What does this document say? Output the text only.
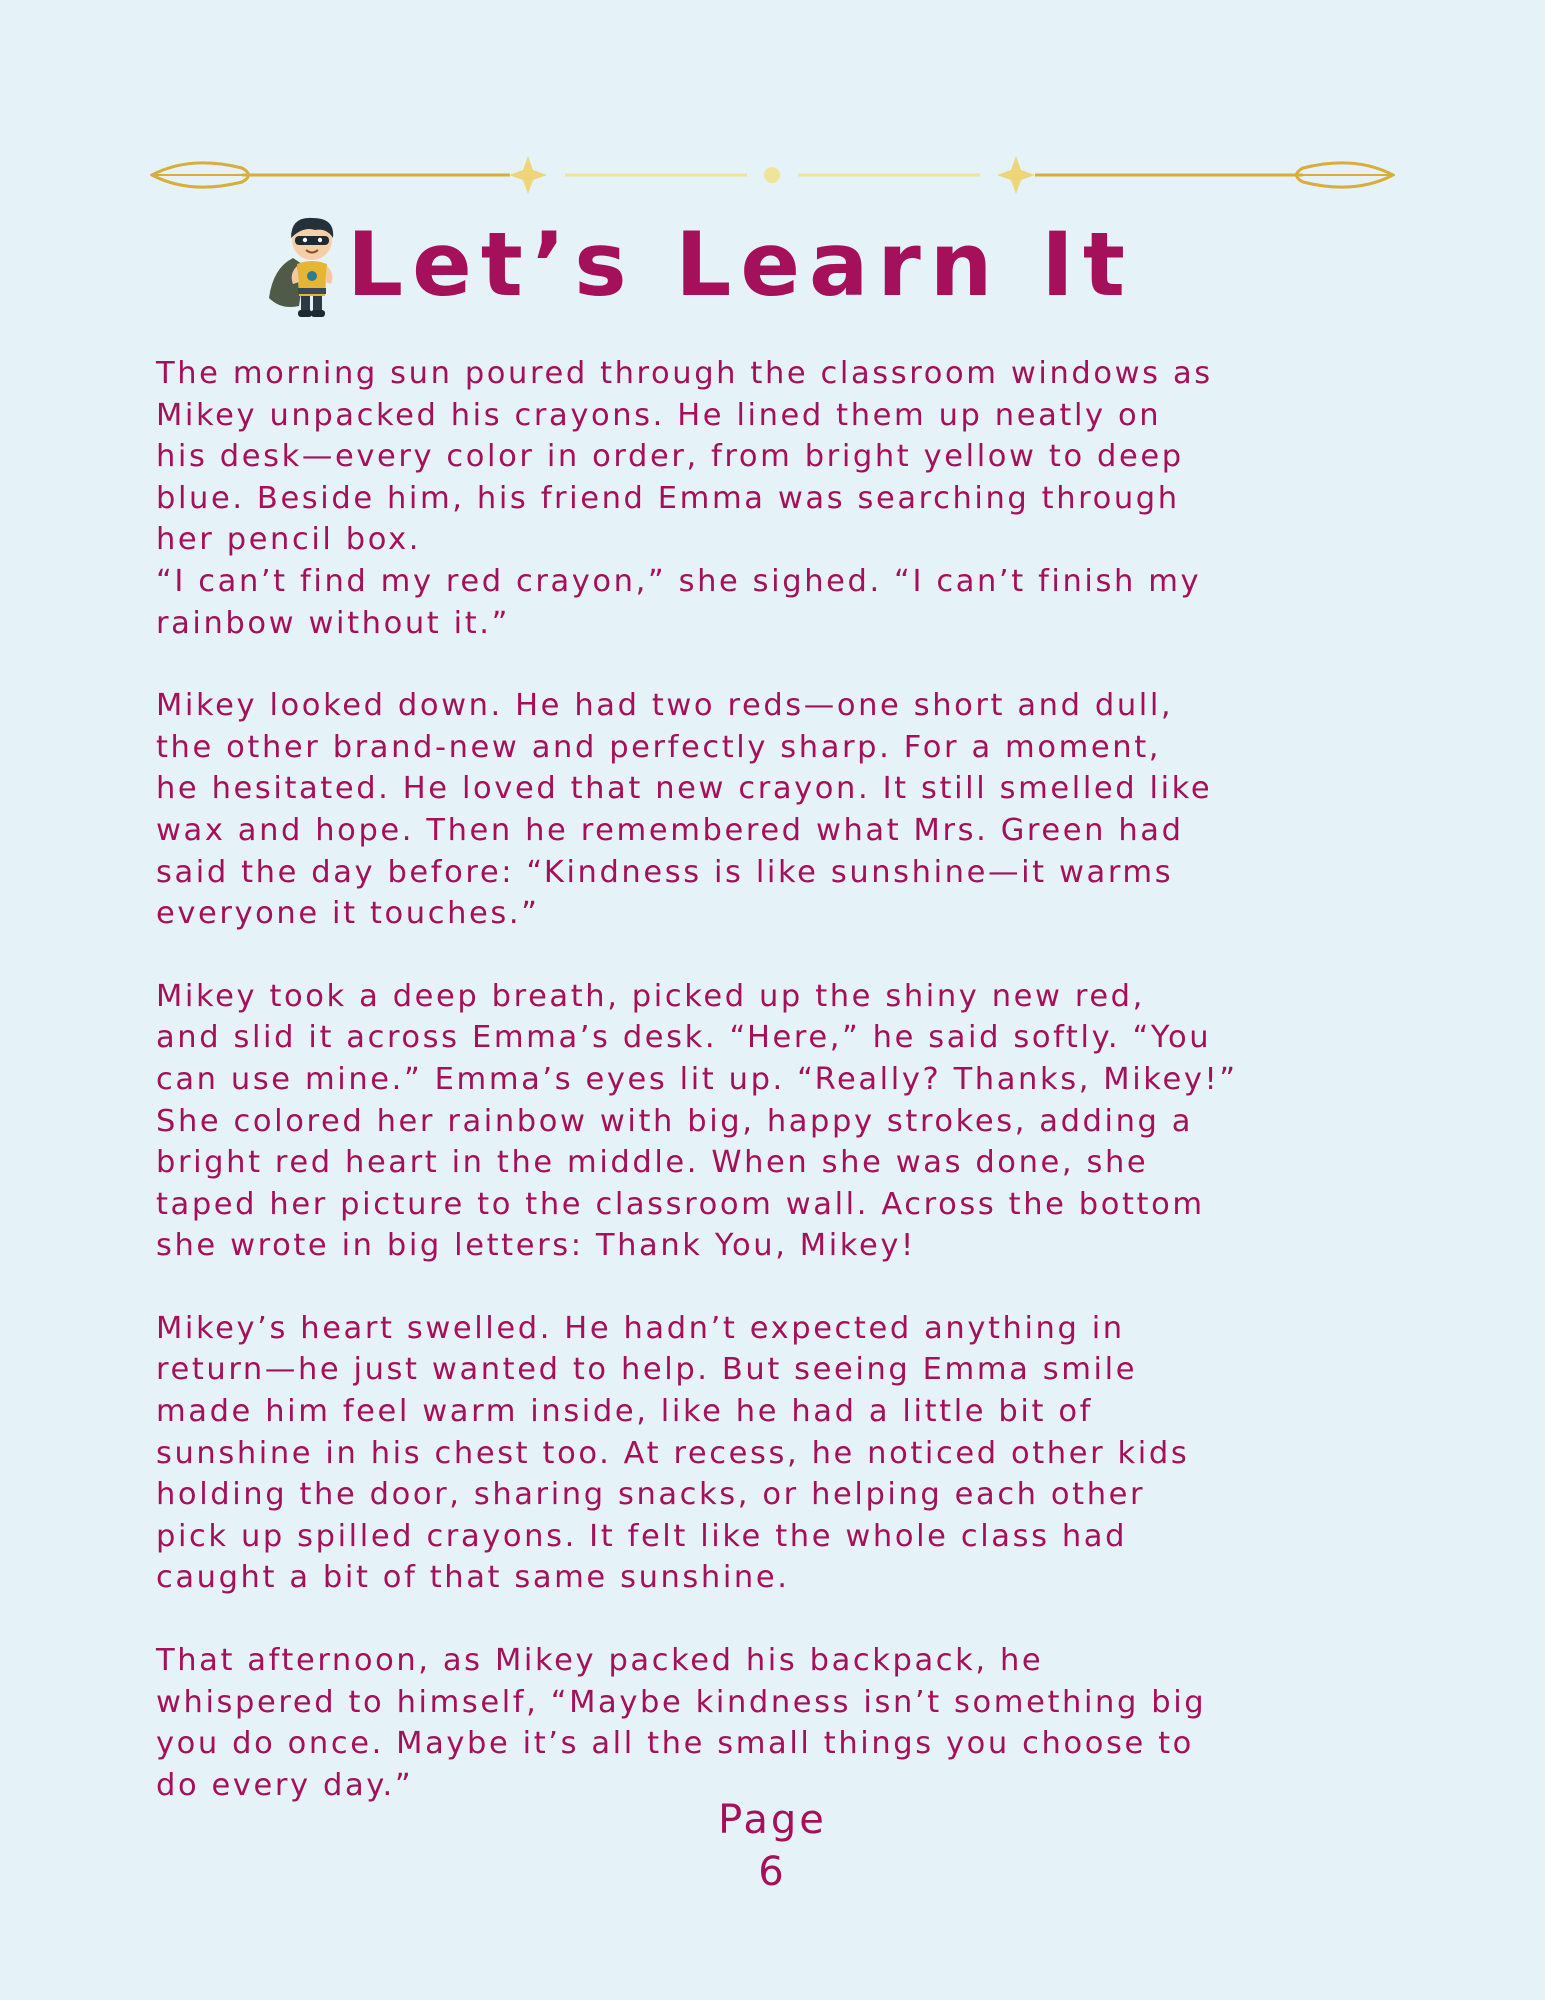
Let’s Learn It

The morning sun poured through the classroom windows as
Mikey unpacked his crayons. He lined them up neatly on
his desk—every color in order, from bright yellow to deep
blue. Beside him, his friend Emma was searching through
her pencil box.
“I can’t find my red crayon,” she sighed. “I can’t finish my
rainbow without it.”

Mikey looked down. He had two reds—one short and dull,
the other brand-new and perfectly sharp. For a moment,
he hesitated. He loved that new crayon. It still smelled like
wax and hope. Then he remembered what Mrs. Green had
said the day before: “Kindness is like sunshine—it warms
everyone it touches.”

Mikey took a deep breath, picked up the shiny new red,
and slid it across Emma’s desk. “Here,” he said softly. “You
can use mine.” Emma’s eyes lit up. “Really? Thanks, Mikey!”
She colored her rainbow with big, happy strokes, adding a
bright red heart in the middle. When she was done, she
taped her picture to the classroom wall. Across the bottom
she wrote in big letters: Thank You, Mikey!

Mikey’s heart swelled. He hadn’t expected anything in
return—he just wanted to help. But seeing Emma smile
made him feel warm inside, like he had a little bit of
sunshine in his chest too. At recess, he noticed other kids
holding the door, sharing snacks, or helping each other
pick up spilled crayons. It felt like the whole class had
caught a bit of that same sunshine.

That afternoon, as Mikey packed his backpack, he
whispered to himself, “Maybe kindness isn’t something big
you do once. Maybe it’s all the small things you choose to
do every day.”

Page
6
